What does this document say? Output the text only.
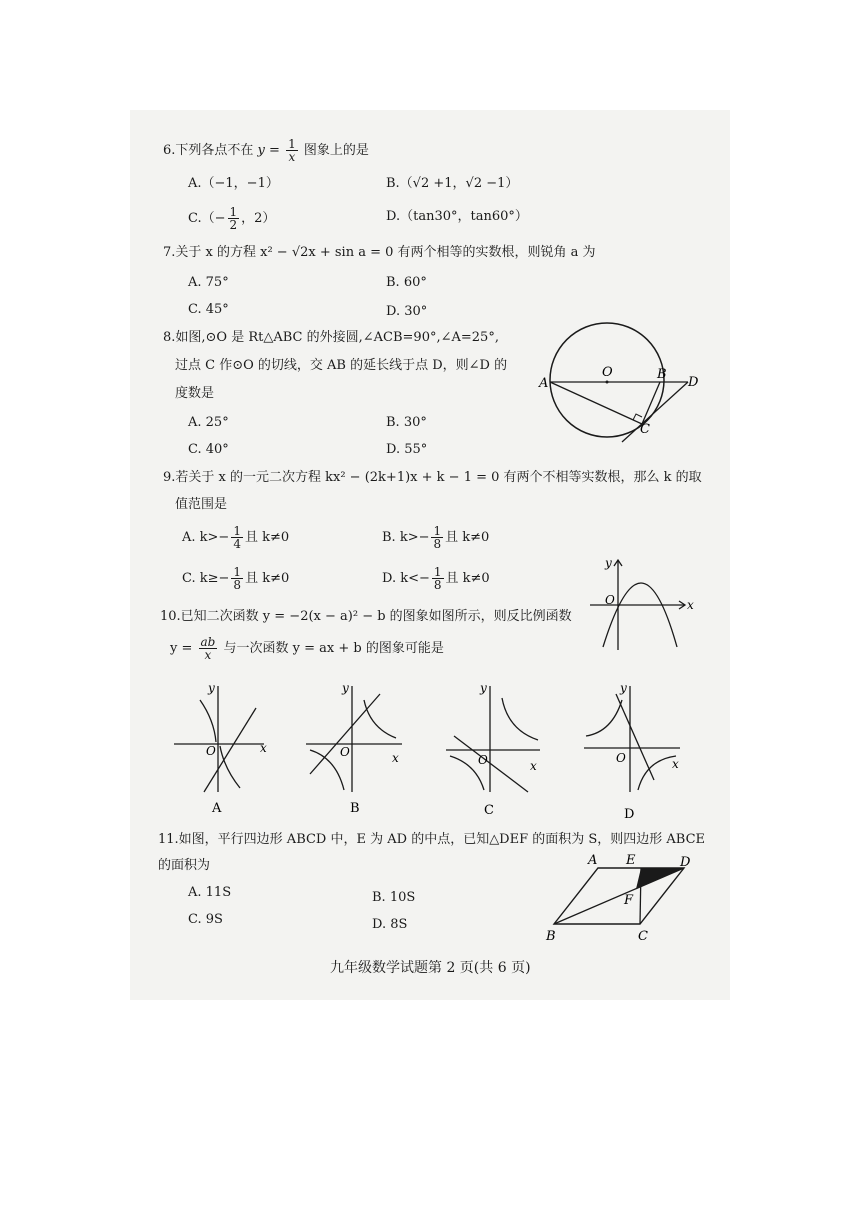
6.下列各点不在 $y = \frac{1}{x}$ 图象上的是
A.（−1，−1）	B.（√2 +1，√2 −1）
$C.(- \frac{1}{2}$ ，2）	D.（tan30°，tan60°）
7.关于 x 的方程 x² − √2x + sin a = 0 有两个相等的实数根，则锐角 a 为
A. 75°	B. 60°
C. 45°	D. 30°
8.如图,⊙O 是 Rt△ABC 的外接圆,∠ACB=90°,∠A=25°,
过点 C 作⊙O 的切线，交 AB 的延长线于点 D，则∠D 的
度数是
A. 25°	B. 30°
C. 40°	D. 55°
A
O	B
D
C
9.若关于 x 的一元二次方程 kx² − (2k+1)x + k − 1 = 0 有两个不相等实数根，那么 k 的取
值范围是
A. $k>- \frac{1}{4}$ 且 k≠0	B. $k>- \frac{1}{8}$ 且 k≠0
C. $k\ge- \frac{1}{8}$ 且 k≠0	D. $k<- \frac{1}{8}$ 且 k≠0
10.已知二次函数 y = −2(x − a)² − b 的图象如图所示，则反比例函数
$y = \frac{ab}{x}$ 与一次函数 y = ax + b 的图象可能是
y
x
O
y
x
O
A
y
x
O
B
y
x
O
C
y
x
O
D
11.如图，平行四边形 ABCD 中，E 为 AD 的中点，已知△DEF 的面积为 S，则四边形 ABCE
的面积为
A. 11S	B. 10S
C. 9S	D. 8S
A E	D
F
B	C
九年级数学试题第 2 页(共 6 页)
